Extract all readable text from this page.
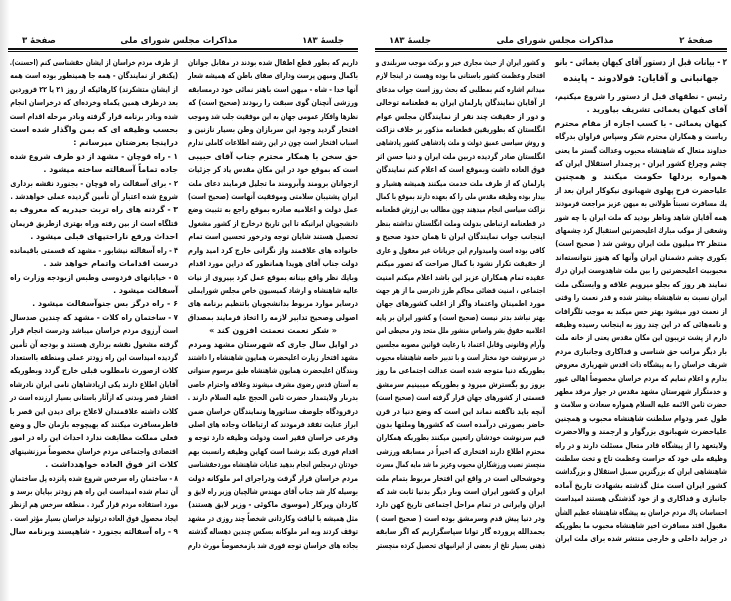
جلسهٔ ۱۸۳
مذاکرات مجلس شورای ملی
صفحهٔ ۳
داریم که بطور قطع اطفال شده بودند در مقابل جوانان
باکمال ومیهن پرست ودارای صفای باطن که همیشه شعار
آنها خدا - شاه - میهن است باهنر نمائی خود درمسابقه
ورزشی آنچنان گوی سبقت را ربودند (صحیح است) که
نظرها وافکار عمومی جهان به این موفقیت جلب شد وموجب
افتخار گردید وجود این سربازان وطن بسیار نازنین و
اسباب افتخار است چون در این رشته اطلاعات کاملی ندارم
حق سخن با همکار محترم جناب آقای حبیبی
است که بموقع خود در این مکان مقدس یاد کر جزئیات
ازجوانان برومند وآبرومند ما تجلیل فرمایند دعای ملت
ایران پشتیبان سلامتی وموفقیت آنهاست (صحیح است)
عمل دولت و اعلامیه صادره بموقع راجع به تثبیت وضع
دانشجویان ایرانیکه تا این تاریخ درخارج از کشور مشغول
تحصیل هستند شایان توجه ودرخور تحسین است تمام
خانواده های علاقمند واز نگرانی خارج کرد امید وارم
دولت جناب آقای هویدا همانطور که دراین مورد اقدام
وبایك نظر واقع بینانه بموقع عمل کرد بپیروی از نیات
عالیه شاهنشاه و ارشاد کمیسیون خاص مجلس شورایملی
درسایر موارد مربوط بدانشجویان باتنظیم برنامه های
اصولی وصحیح تدابیر لازمه را اتخاذ فرمایند بمصداق
« شکر نعمت نعمتت افزون کند »
در اوایل سال جاری که شهرستان مشهد ومردم
مشهد افتخار زیارت اعلیحضرت همایون شاهنشاه را داشتند
وبندگان اعلیحضرت همایون شاهنشاه طبق مرسوم سنواتی
به آستان قدس رضوی مشرف میشوند وعلاقه واحترام خاصی
بدربار ولایتمدار حضرت ثامن الحجج علیه السلام دارند .
درفرودگاه جلوصف سناتورها ونمایندگان خراسان ضمن
ابراز عنایت تفقد فرمودند که ارتباطات وجاده های اصلی
وفرعی خراسان فقیر است ودولت وظیفه دارد توجه و
اقدام فوری بکند برشما است کهاین وظیفه رانسبت بهم
خودتان درمجلس انجام بدهید عنایات شاهنشاه موردحقشناسی
مردم خراسان قرار گرفت ودراجرای امر ملوکانه دولت
بوسیله کار شد جناب آقای مهندس شالچیان وزیر راه لایق و
کاردان وپرکار (موسوی ماکوئی - وزیر لایق هستند)
مثل همیشه با لیاقت وکاردانی شخصاً چند روزی در مشهد
توقف کردند وبه امر ملوکانه بسکس چندین دهساله گذشته
بجاده های خراسان توجه فوری شد بازمخصوصاً مورث دارم
از طرف مردم خراسان از ایشان حقشناسی کنم (احسنت).
(یکنفر از نمایندگان - همه جا همینطور بوده است همه
از ایشان متشکرند) کارهائیکه از روز ۲۱ یا ۲۲ فروردین
بعد درظرف همین یکماه وخرده‌ای که درخراسان انجام
شده وبادر برنامه قرار گرفته وبادر مرحله اقدام است
بحسب وظیفه ای که بمن واگذار شده است
دراینجا بعرضتان میرسانم :
۱ - راه قوچان - مشهد از دو طرف شروع شده
جاده تماماً آسفالته ساخته میشود .
۲ - برای آسفالت راه قوچان - بجنورد نقشه برداری
شروع شده اعتبار آن تأمین گردیده عملی خواهدشد .
۳ - گردنه های راه تربت حیدریه که معروف به
قتلگاه است از بین رفته وراه بهتری ازطریق فریمان
احداث ورفع ناراحتیهای قبلی میشود .
۴ - راه آسفالته نیشابور - مشهد که قسمتی باقیمانده
درست اقدامات واتمام خواهد شد .
۵ - خیابانهای فردوسی وطبس ازبودجه وزارت راه
آسفالت میشود .
۶ - راه درگز بس جنوآسفالت میشود .
۷ - ساختمان راه کلات - مشهد که چندین صدسال
است آرزوی مردم خراسان میباشد ودرست انجام قرار
گرفته مشغول نقشه برداری هستند و بودجه آن تأمین
گردیده امیداست این راه زودتر عملی ومنطقه بااستعداد
کلات ازصورت نامطلوب قبلی خارج گردد وبطوریکه
آقایان اطلاع دارند یکی ازپادشاهان نامی ایران نادرشاه
افشار قصر وبدنی که ازآثار باستانی بسیار ارزنده است در
کلات داشته علاقمندان لاعلاج برای دیدن این قصر با
قاطرمسافرت میکنند که بهیچوجه بازمان حال و وضع
فعلی مملکت مطابقت ندارد احداث این راه در امور
اقتصادی واجتماعی مردم خراسان مخصوصاً مرزنشینهای
کلات اثر فوق العاده خواهدداشت .
۸ - ساختمان راه سرخس شروع شده پانزده پل ساختمان
آن تمام شده امیداست این راه هم زودتر بپایان برسد و
مورد استفاده مردم قرار گیرد . منطقه سرخس هم ازنظر
ایجاد محصول فوق العاده درتولید خراسان بسیار مؤثر است .
۹ - راه آسفالته بجنورد - شاهپسند وبرنامه سال
صفحهٔ ۲
مذاکرات مجلس شورای ملی
جلسهٔ ۱۸۳
۲ - بیانات قبل از دستور آقای کیهان یغمائی - بانو
جهانبانی و آقایان: فولادوند - پاینده
رئیس - نطقهای قبل از دستور را شروع میکنیم،
آقای کیهان یغمائی تشریف بیاورید .
کیهان یغمائی - با کسب اجازه از مقام محترم
ریاست و همکاران محترم شکر وسپاس فراوان بدرگاه
خداوند متعال که شاهنشاه محبوب وعدالت گستر ما یعنی
چشم وچراغ کشور ایران - پرچمدار استقلال ایران که
همواره بردلها حکومت میکنند و همچنین
علیاحضرت فرح پهلوی شهبانوی نیکوکار ایران بعد از
یك مسافرت نسبتاً طولانی به میهن عزیز مراجعت فرمودند
همه آقایان شاهد وناظر بودید که ملت ایران با چه شور
وشعفی از موکب مبارك اعلیحضرتین استقبال کرد چشمهای
منتظر ۲۲ میلیون ملت ایران روشن شد ( صحیح است)
بکوری چشم دشمنان ایران وآنها که هنوز نتوانسته‌اند
محبوبیت اعلیحضرتین را بین ملت شاهدوست ایران درك
نمایند هر روز که بجلو میرویم علاقه و وابستگی ملت
ایران نسبت به شاهنشاه بیشتر شده و قدر نعمت را وقتی
از نعمت دور میشود بهتر حس میکند به موجب تلگرافات
و نامه‌هائی که در این چند روز به اینجانب رسیده وظیفه
دارم از پشت تریبون این مکان مقدس یعنی از خانه ملت
بار دیگر مراتب حق شناسی و فداکاری وجانبازی مردم
شریف خراسان را به پیشگاه ذات اقدس شهریاری معروض
بدارم و اعلام نمایم که مردم خراسان مخصوصاً اهالی غیور
و خدمتگزار شهرستان مشهد مقدس در جوار مرقد مطهر
حضرت ثامن الائمه علیه السلام همواره سعادت و سلامت و
طول عمر ودوام سلطنت شاهنشاه محبوب و همچنین
علیاحضرت شهبانوی بزرگوار و ارجمند و والاحضرت
ولایتعهد را از پیشگاه قادر متعال مسئلت دارند و در راه
وظیفه ملی خود که حراست وعظمت تاج و تخت سلطنت
شاهنشاهی ایران که بزرگترین سمبل استقلال و بزرگداشت
کشور ایران است مثل گذشته بشهادت تاریخ آماده
جانبازی و فداکاری و از خود گذشتگی هستند امیداست
احساسات پاك مردم خراسان به پیشگاه شاهنشاه عظیم الشأن
مقبول افتد مسافرت اخیر شاهنشاه محبوب ما بطوریکه
در جراید داخلی و خارجی منتشر شده برای ملت ایران
و کشور ایران از حیث مجاری خیر و برکت موجب سربلندی و
افتخار وعظمت کشور باستانی ما بوده وهست در اینجا لازم
میدانم اشاره کنم بمطلبی که بحث روز است جواب مدعای
از آقایان نمایندگان پارلمان ایران به قطعنامه توخالی
و دور از حقیقت چند نفر از نمایندگان مجلس عوام
انگلستان که بطوریقین قطعنامه مذکور بر خلاف نزاکت
و روش سیاسی عمیق دولت و ملت پادشاهی کشور پادشاهی
انگلستان صادر گردیده دربین ملت ایران و دنیا حسن اثر
فوق العاده داشت وبموقع است که اعلام کنم نمایندگان
پارلمان که از طرف ملت خدمت میکنند همیشه هشیار و
بیدار بوده وظیفه مقدس ملی را که بعهده دارند بموقع با کمال
نزاکت سیاسی انجام میدهند چون مطالب بی ارزش قطعنامه
در قطعنامه ارتباطی بدولت وملت انگلستان نداشته بنظر
اینجانب جواب نمایندگان ایران تا همان حدود صحیح و
کافی بوده است وامیدوارم این جریانات غیر معقول و عاری
از حقیقت تکرار نشود با کمال صراحت که تصور میکنم
عقیده تمام همکاران عزیز این باشد اعلام میکنم امنیت
اجتماعی ، امنیت قضائی محاکم طرز دادرسی ما از هر جهت
مورد اطمینان واعتماد واگر از اغلب کشورهای جهان
بهتر نباشد بدتر نیست (صحیح است) و کشور ایران بر پایه
اعلامیه حقوق بشر واساس منشور ملل متحد ودر محیطی امن
وآرام وقانونی وقابل اعتماد با رعایت قوانین مصوبه مجلسین
در سرنوشت خود مختار است و با تدبیر خاصه شاهنشاه محبوب
بطوریکه دنیا متوجه شده است عدالت اجتماعی ما روز
بروز رو بگسترش میرود و بطوریکه میبینیم سرمشق
قسمتی از کشورهای جهان قرار گرفته است (صحیح است)
آنچه باید ناگفته نماند این است که وضع دنیا در قرن
حاضر بصورتی درآمده است که کشورها وملتها بدون
قیم سرنوشت خودشان راتعیین میکنند بطوریکه همکاران
محترم اطلاع دارند افتخاری که اخیراً در مسابقه ورزشی
منچستر نصیب ورزشکاران محبوب وعزیز ما شد مایه کمال مسرت
وخوشحالی است در واقع این افتخار مربوط بتمام ملت
ایران و کشور ایران است وبار دیگر بدنیا ثابت شد که
ایران وایرانی در تمام مراحل اجتماعی تاریخ کهن دارد
ودر دنیا پیش قدم وسرمشق بوده است ( صحیح است )
بحمدالله پرورده گار توانا سپاسگزاریم که اگر سابقه
ذهنی بسیار تلخ از بعضی از ایرانیهای تحصیل کرده منچستر
